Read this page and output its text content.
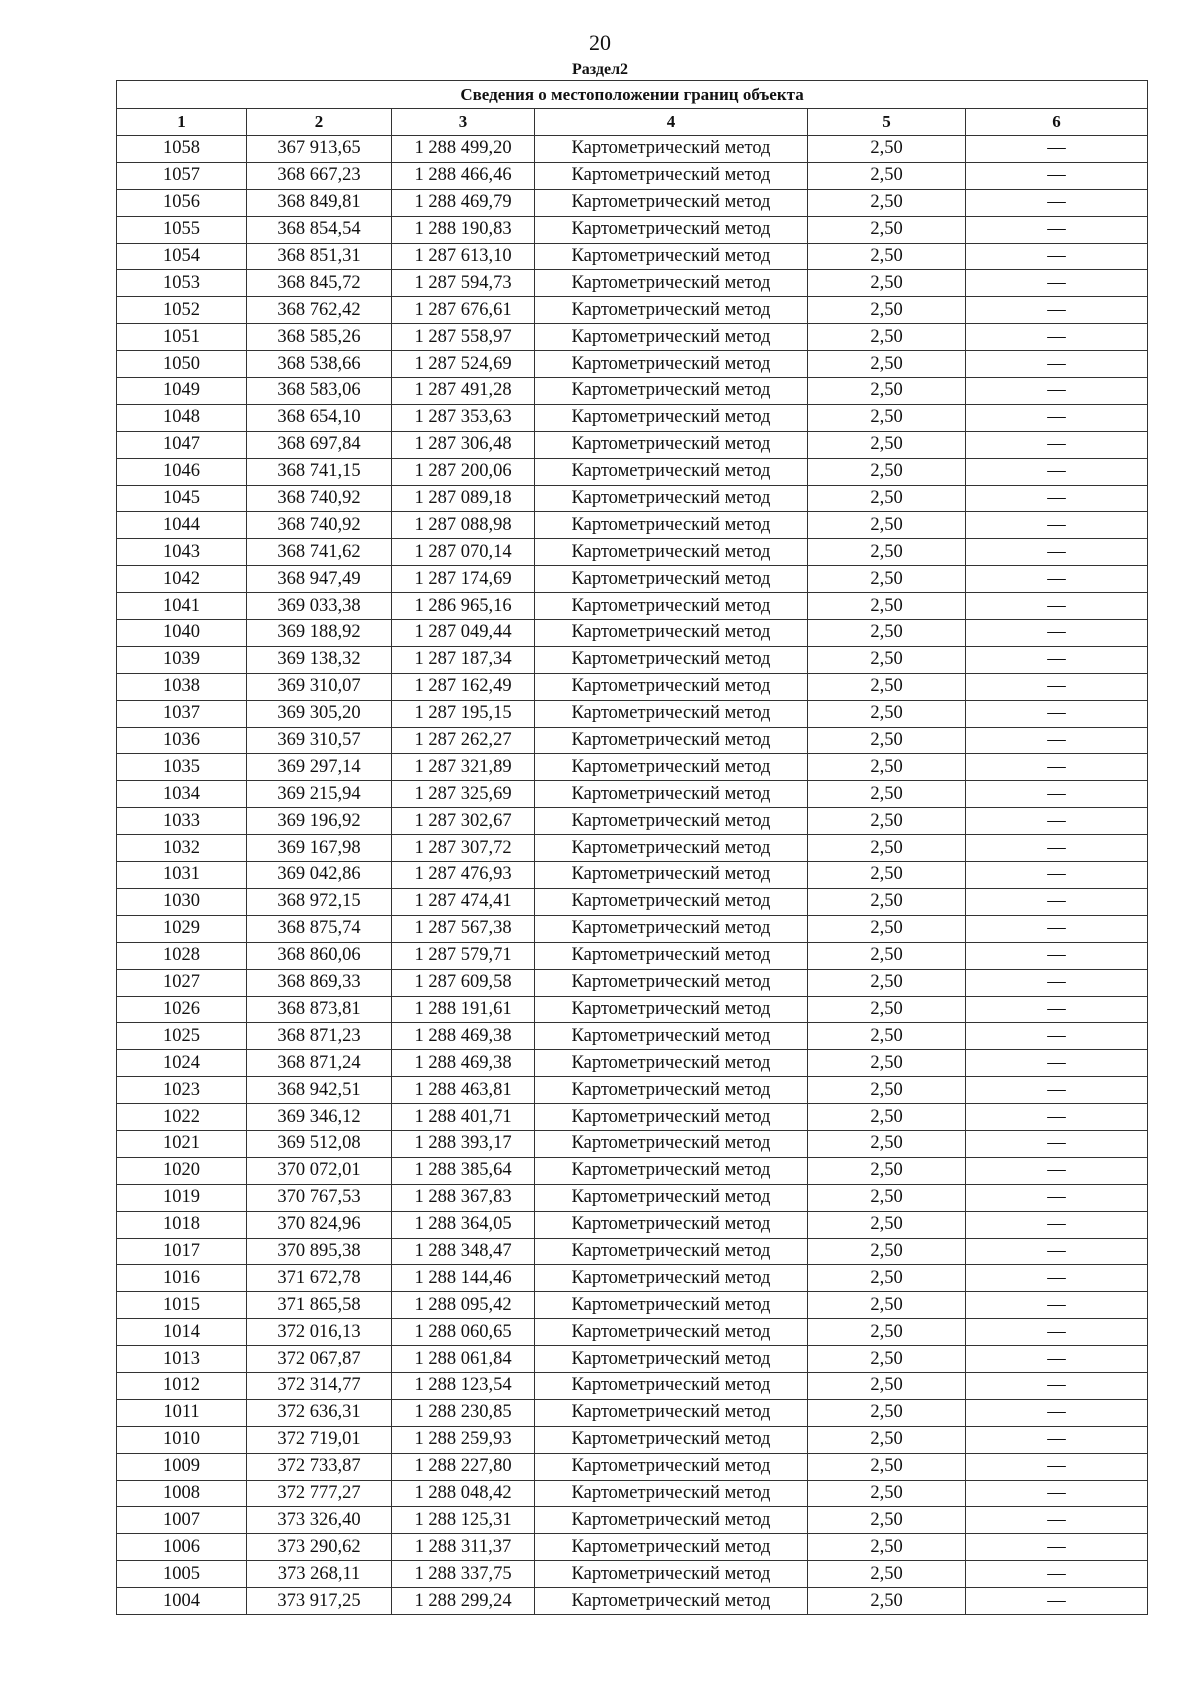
20
Раздел2
Сведения о местоположении границ объекта					
1	2	3	4	5	6
1058	367 913,65	1 288 499,20	Картометрический метод	2,50	—
1057	368 667,23	1 288 466,46	Картометрический метод	2,50	—
1056	368 849,81	1 288 469,79	Картометрический метод	2,50	—
1055	368 854,54	1 288 190,83	Картометрический метод	2,50	—
1054	368 851,31	1 287 613,10	Картометрический метод	2,50	—
1053	368 845,72	1 287 594,73	Картометрический метод	2,50	—
1052	368 762,42	1 287 676,61	Картометрический метод	2,50	—
1051	368 585,26	1 287 558,97	Картометрический метод	2,50	—
1050	368 538,66	1 287 524,69	Картометрический метод	2,50	—
1049	368 583,06	1 287 491,28	Картометрический метод	2,50	—
1048	368 654,10	1 287 353,63	Картометрический метод	2,50	—
1047	368 697,84	1 287 306,48	Картометрический метод	2,50	—
1046	368 741,15	1 287 200,06	Картометрический метод	2,50	—
1045	368 740,92	1 287 089,18	Картометрический метод	2,50	—
1044	368 740,92	1 287 088,98	Картометрический метод	2,50	—
1043	368 741,62	1 287 070,14	Картометрический метод	2,50	—
1042	368 947,49	1 287 174,69	Картометрический метод	2,50	—
1041	369 033,38	1 286 965,16	Картометрический метод	2,50	—
1040	369 188,92	1 287 049,44	Картометрический метод	2,50	—
1039	369 138,32	1 287 187,34	Картометрический метод	2,50	—
1038	369 310,07	1 287 162,49	Картометрический метод	2,50	—
1037	369 305,20	1 287 195,15	Картометрический метод	2,50	—
1036	369 310,57	1 287 262,27	Картометрический метод	2,50	—
1035	369 297,14	1 287 321,89	Картометрический метод	2,50	—
1034	369 215,94	1 287 325,69	Картометрический метод	2,50	—
1033	369 196,92	1 287 302,67	Картометрический метод	2,50	—
1032	369 167,98	1 287 307,72	Картометрический метод	2,50	—
1031	369 042,86	1 287 476,93	Картометрический метод	2,50	—
1030	368 972,15	1 287 474,41	Картометрический метод	2,50	—
1029	368 875,74	1 287 567,38	Картометрический метод	2,50	—
1028	368 860,06	1 287 579,71	Картометрический метод	2,50	—
1027	368 869,33	1 287 609,58	Картометрический метод	2,50	—
1026	368 873,81	1 288 191,61	Картометрический метод	2,50	—
1025	368 871,23	1 288 469,38	Картометрический метод	2,50	—
1024	368 871,24	1 288 469,38	Картометрический метод	2,50	—
1023	368 942,51	1 288 463,81	Картометрический метод	2,50	—
1022	369 346,12	1 288 401,71	Картометрический метод	2,50	—
1021	369 512,08	1 288 393,17	Картометрический метод	2,50	—
1020	370 072,01	1 288 385,64	Картометрический метод	2,50	—
1019	370 767,53	1 288 367,83	Картометрический метод	2,50	—
1018	370 824,96	1 288 364,05	Картометрический метод	2,50	—
1017	370 895,38	1 288 348,47	Картометрический метод	2,50	—
1016	371 672,78	1 288 144,46	Картометрический метод	2,50	—
1015	371 865,58	1 288 095,42	Картометрический метод	2,50	—
1014	372 016,13	1 288 060,65	Картометрический метод	2,50	—
1013	372 067,87	1 288 061,84	Картометрический метод	2,50	—
1012	372 314,77	1 288 123,54	Картометрический метод	2,50	—
1011	372 636,31	1 288 230,85	Картометрический метод	2,50	—
1010	372 719,01	1 288 259,93	Картометрический метод	2,50	—
1009	372 733,87	1 288 227,80	Картометрический метод	2,50	—
1008	372 777,27	1 288 048,42	Картометрический метод	2,50	—
1007	373 326,40	1 288 125,31	Картометрический метод	2,50	—
1006	373 290,62	1 288 311,37	Картометрический метод	2,50	—
1005	373 268,11	1 288 337,75	Картометрический метод	2,50	—
1004	373 917,25	1 288 299,24	Картометрический метод	2,50	—
